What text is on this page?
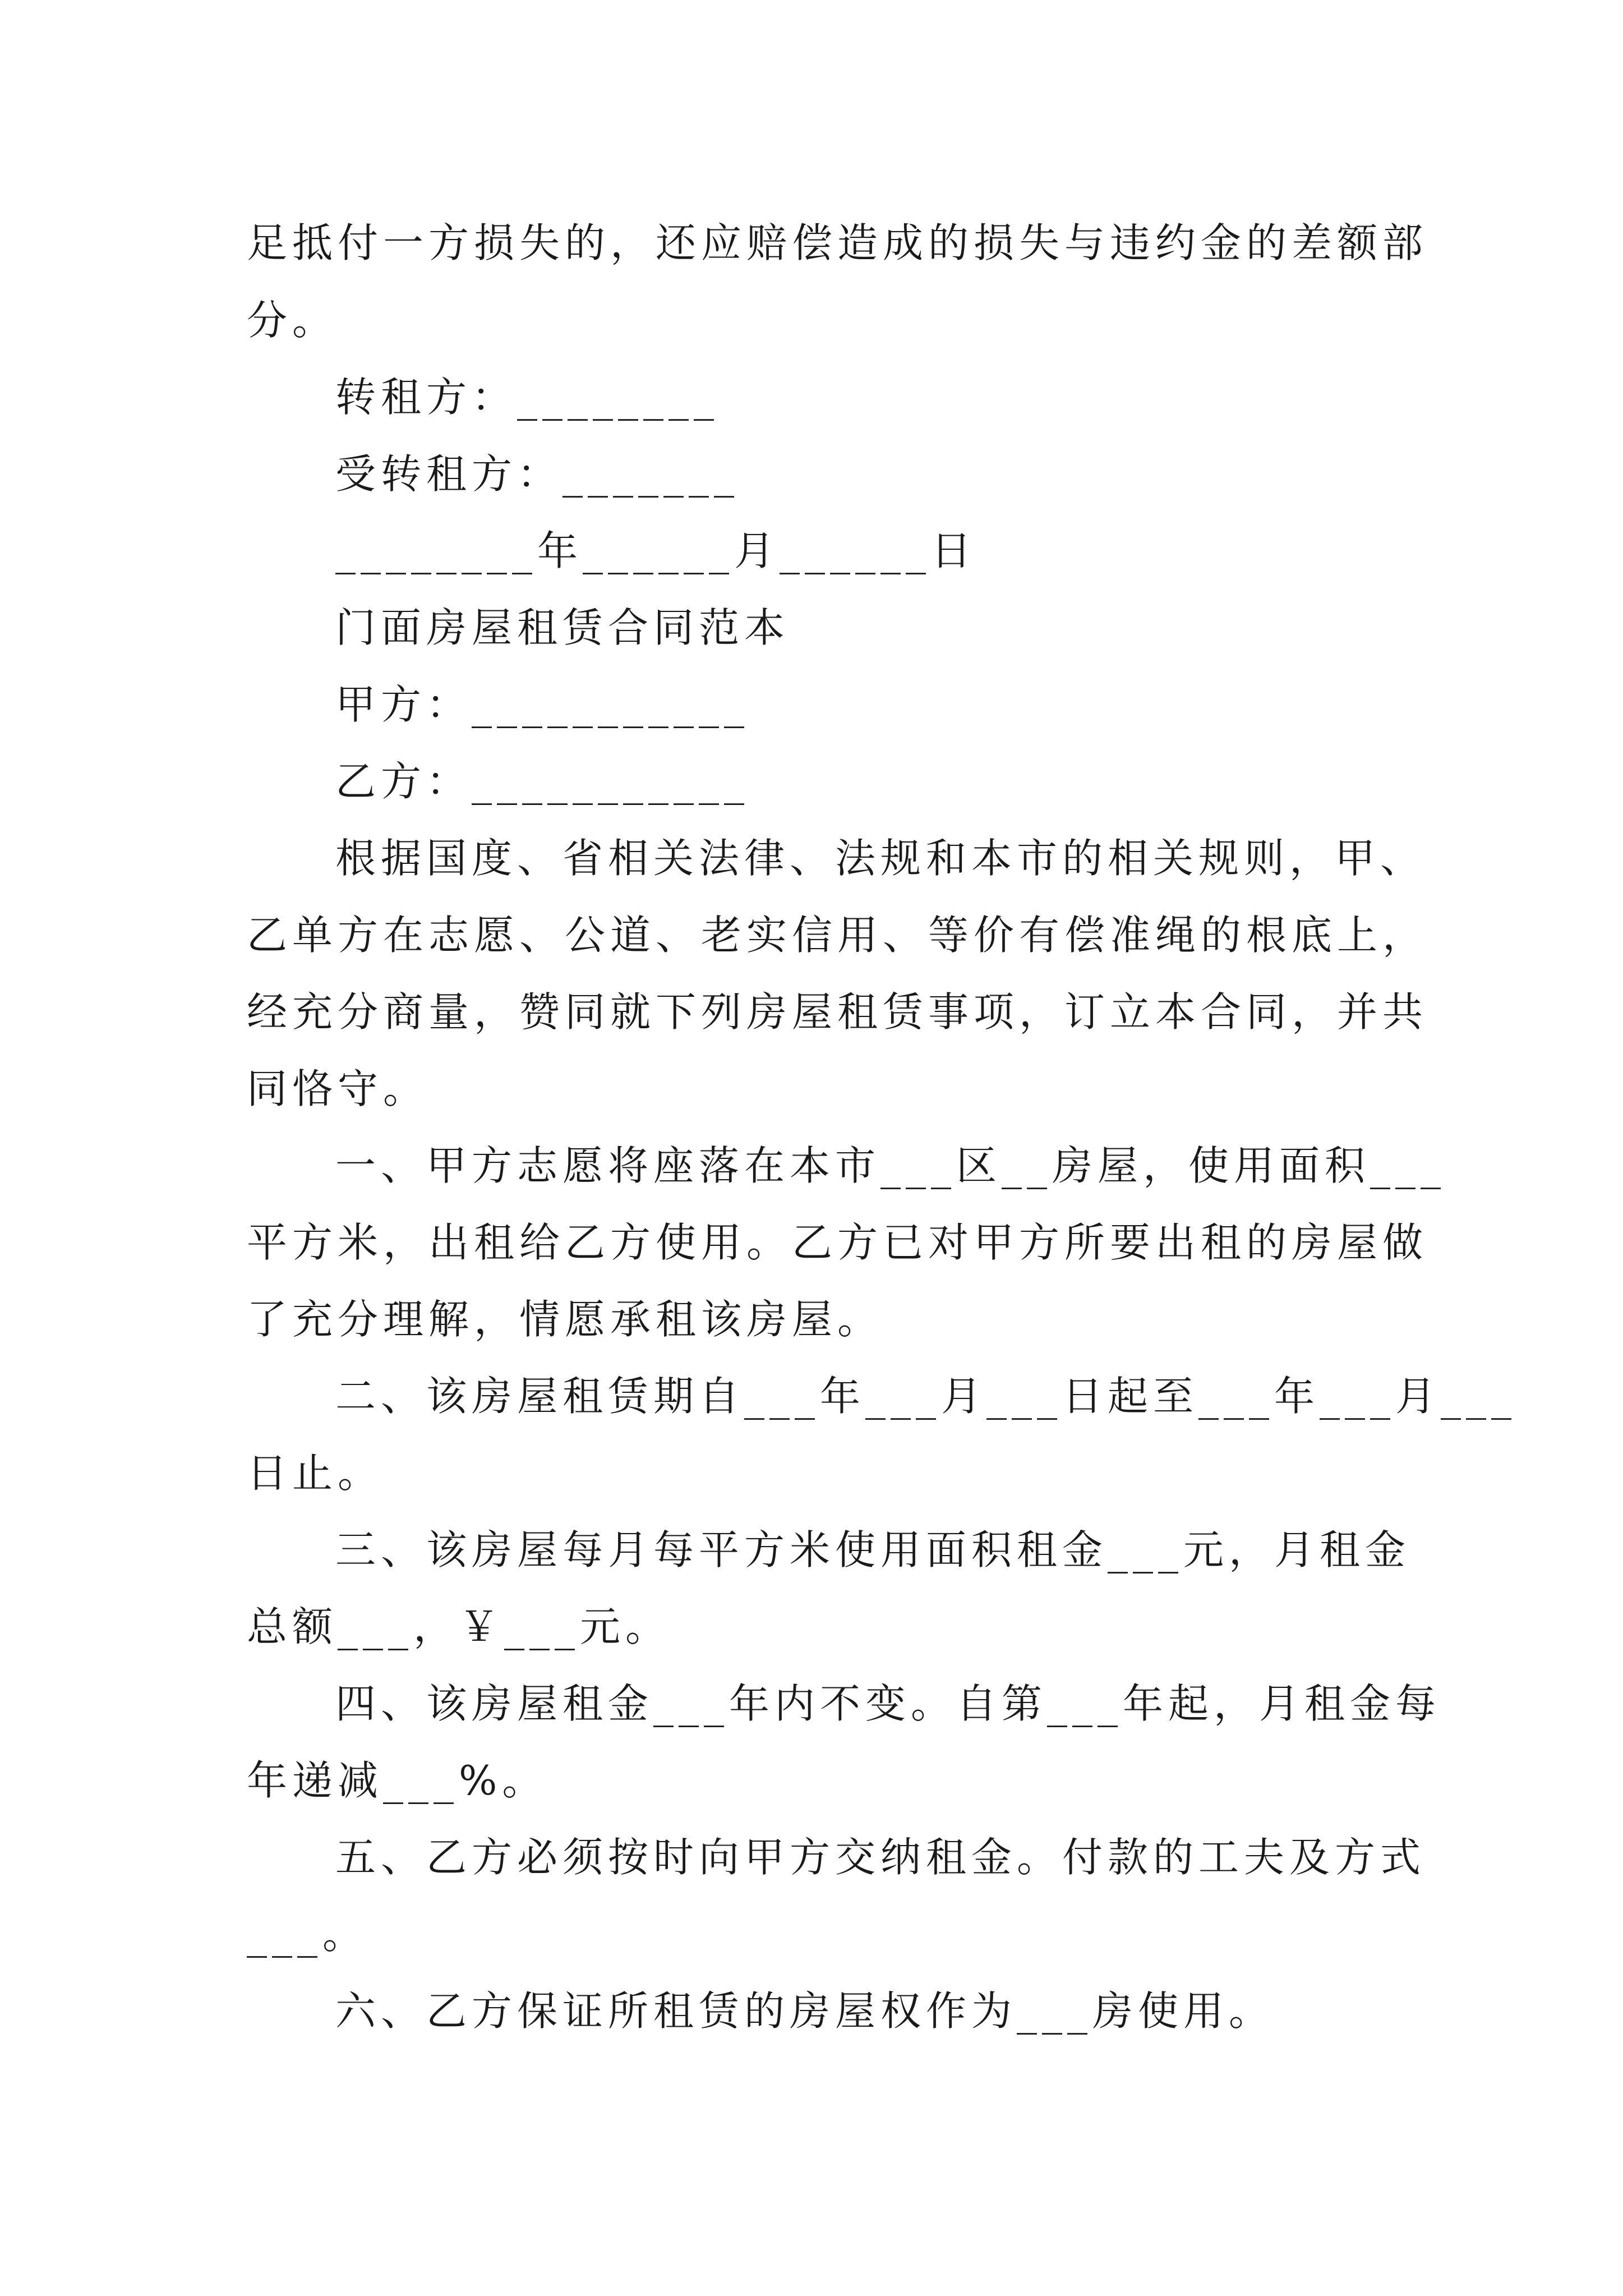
足抵付一方损失的，还应赔偿造成的损失与违约金的差额部
分。
转租方：________
受转租方：_______
________年______月______日
门面房屋租赁合同范本
甲方：___________
乙方：___________
根据国度、省相关法律、法规和本市的相关规则，甲、
乙单方在志愿、公道、老实信用、等价有偿准绳的根底上，
经充分商量，赞同就下列房屋租赁事项，订立本合同，并共
同恪守。
一、甲方志愿将座落在本市___区__房屋，使用面积___
平方米，出租给乙方使用。乙方已对甲方所要出租的房屋做
了充分理解，情愿承租该房屋。
二、该房屋租赁期自___年___月___日起至___年___月___
日止。
三、该房屋每月每平方米使用面积租金___元，月租金
总额___，￥___元。
四、该房屋租金___年内不变。自第___年起，月租金每
年递减___%。
五、乙方必须按时向甲方交纳租金。付款的工夫及方式
___。
六、乙方保证所租赁的房屋权作为___房使用。
